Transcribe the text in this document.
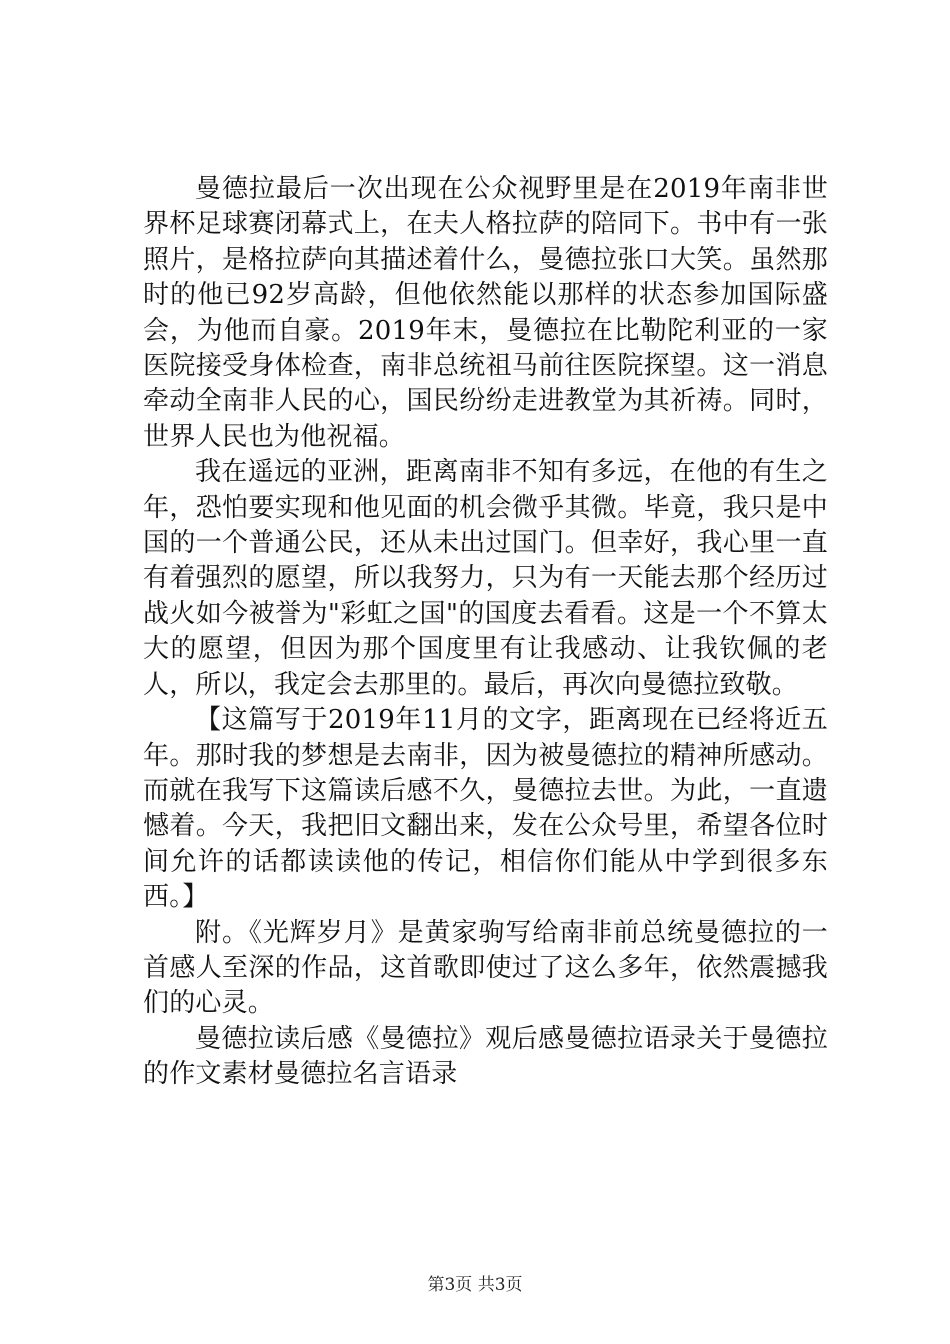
曼德拉最后一次出现在公众视野里是在2019年南非世界杯足球赛闭幕式上，在夫人格拉萨的陪同下。书中有一张照片，是格拉萨向其描述着什么，曼德拉张口大笑。虽然那时的他已92岁高龄，但他依然能以那样的状态参加国际盛会，为他而自豪。2019年末，曼德拉在比勒陀利亚的一家医院接受身体检查，南非总统祖马前往医院探望。这一消息牵动全南非人民的心，国民纷纷走进教堂为其祈祷。同时，世界人民也为他祝福。

我在遥远的亚洲，距离南非不知有多远，在他的有生之年，恐怕要实现和他见面的机会微乎其微。毕竟，我只是中国的一个普通公民，还从未出过国门。但幸好，我心里一直有着强烈的愿望，所以我努力，只为有一天能去那个经历过战火如今被誉为"彩虹之国"的国度去看看。这是一个不算太大的愿望，但因为那个国度里有让我感动、让我钦佩的老人，所以，我定会去那里的。最后，再次向曼德拉致敬。

【这篇写于2019年11月的文字，距离现在已经将近五年。那时我的梦想是去南非，因为被曼德拉的精神所感动。而就在我写下这篇读后感不久，曼德拉去世。为此，一直遗憾着。今天，我把旧文翻出来，发在公众号里，希望各位时间允许的话都读读他的传记，相信你们能从中学到很多东西。】

附。《光辉岁月》是黄家驹写给南非前总统曼德拉的一首感人至深的作品，这首歌即使过了这么多年，依然震撼我们的心灵。

曼德拉读后感《曼德拉》观后感曼德拉语录关于曼德拉的作文素材曼德拉名言语录

第3页 共3页
